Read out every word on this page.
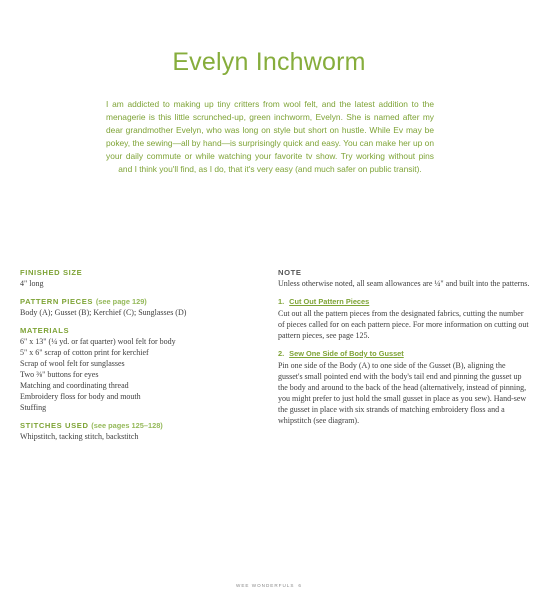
Evelyn Inchworm

I am addicted to making up tiny critters from wool felt, and the latest addition to the menagerie is this little scrunched-up, green inchworm, Evelyn. She is named after my dear grandmother Evelyn, who was long on style but short on hustle. While Ev may be pokey, the sewing—all by hand—is surprisingly quick and easy. You can make her up on your daily commute or while watching your favorite tv show. Try working without pins and I think you'll find, as I do, that it's very easy (and much safer on public transit).

FINISHED SIZE

4" long

PATTERN PIECES (see page 129)

Body (A); Gusset (B); Kerchief (C); Sunglasses (D)

MATERIALS
6" x 13" (¼ yd. or fat quarter) wool felt for body
5" x 6" scrap of cotton print for kerchief
Scrap of wool felt for sunglasses
Two ⅜" buttons for eyes
Matching and coordinating thread
Embroidery floss for body and mouth
Stuffing
STITCHES USED (see pages 125–128)

Whipstitch, tacking stitch, backstitch

NOTE

Unless otherwise noted, all seam allowances are ¼" and built into the patterns.

1. Cut Out Pattern Pieces

Cut out all the pattern pieces from the designated fabrics, cutting the number of pieces called for on each pattern piece. For more information on cutting out pattern pieces, see page 125.

2. Sew One Side of Body to Gusset

Pin one side of the Body (A) to one side of the Gusset (B), aligning the gusset's small pointed end with the body's tail end and pinning the gusset up the body and around to the back of the head (alternatively, instead of pinning, you might prefer to just hold the small gusset in place as you sew). Hand-sew the gusset in place with six strands of matching embroidery floss and a whipstitch (see diagram).

WEE WONDERFULS 6
